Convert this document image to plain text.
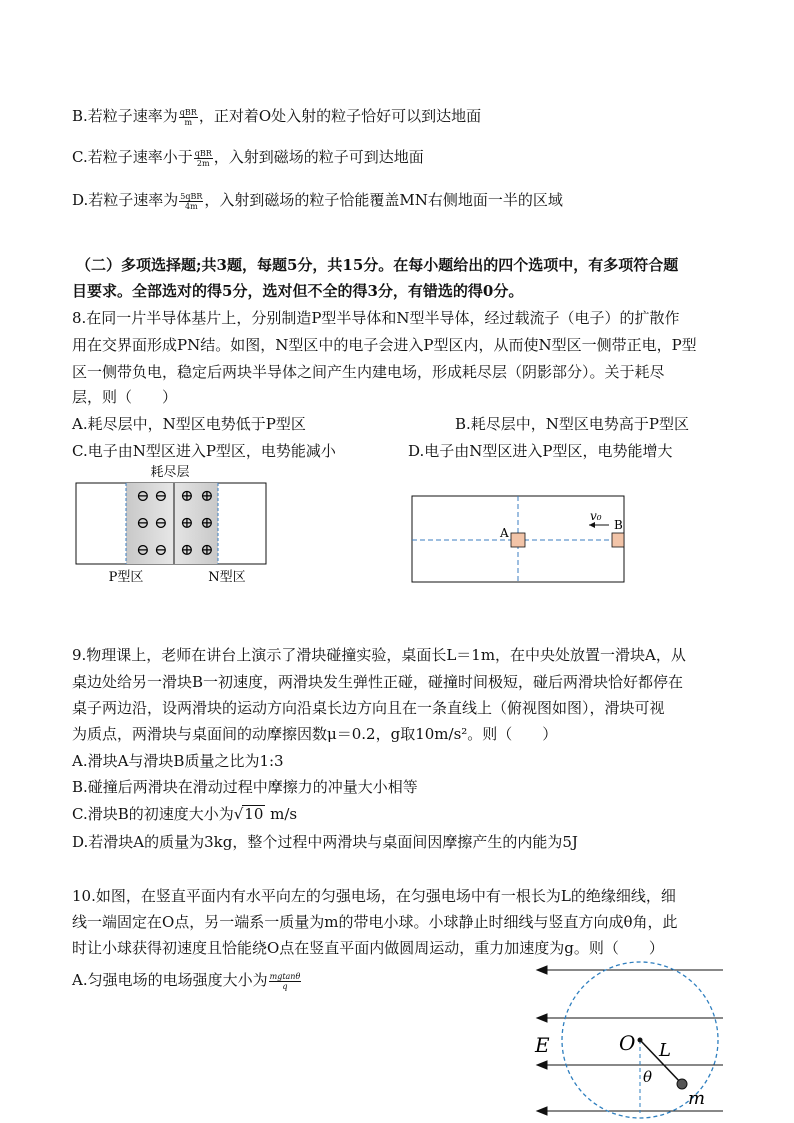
B.若粒子速率为 $\frac{\text{qBR}}{m}$ ，正对着O处入射的粒子恰好可以到达地面
C.若粒子速率小于 $\frac{\text{qBR}}{2m}$ ，入射到磁场的粒子可到达地面
D.若粒子速率为 $\frac{\text{5qBR}}{4m}$ ，入射到磁场的粒子恰能覆盖MN右侧地面一半的区域
（二）多项选择题;共3题，每题5分，共15分。在每小题给出的四个选项中，有多项符合题
目要求。全部选对的得5分，选对但不全的得3分，有错选的得0分。
8.在同一片半导体基片上，分别制造P型半导体和N型半导体，经过载流子（电子）的扩散作
用在交界面形成PN结。如图，N型区中的电子会进入P型区内，从而使N型区一侧带正电，P型
区一侧带负电，稳定后两块半导体之间产生内建电场，形成耗尽层（阴影部分）。关于耗尽
层，则（　　）
A.耗尽层中，N型区电势低于P型区	B.耗尽层中，N型区电势高于P型区
C.电子由N型区进入P型区，电势能减小	D.电子由N型区进入P型区，电势能增大
耗尽层
⊖ ⊖
⊖ ⊖
⊖ ⊖
⊕ ⊕
⊕ ⊕
⊕ ⊕
P型区	N型区
A
B
v₀
9.物理课上，老师在讲台上演示了滑块碰撞实验，桌面长L＝1m，在中央处放置一滑块A，从
桌边处给另一滑块B一初速度，两滑块发生弹性正碰，碰撞时间极短，碰后两滑块恰好都停在
桌子两边沿，设两滑块的运动方向沿桌长边方向且在一条直线上（俯视图如图），滑块可视
为质点，两滑块与桌面间的动摩擦因数μ＝0.2，g取10m/s²。则（　　）
A.滑块A与滑块B质量之比为1:3
B.碰撞后两滑块在滑动过程中摩擦力的冲量大小相等
C.滑块B的初速度大小为√10 m/s
D.若滑块A的质量为3kg，整个过程中两滑块与桌面间因摩擦产生的内能为5J
10.如图，在竖直平面内有水平向左的匀强电场，在匀强电场中有一根长为L的绝缘细线，细
线一端固定在O点，另一端系一质量为m的带电小球。小球静止时细线与竖直方向成θ角，此
时让小球获得初速度且恰能绕O点在竖直平面内做圆周运动，重力加速度为g。则（　　）
A.匀强电场的电场强度大小为 $\frac{mgtan\theta}{q}$
E	O L
θ
m
